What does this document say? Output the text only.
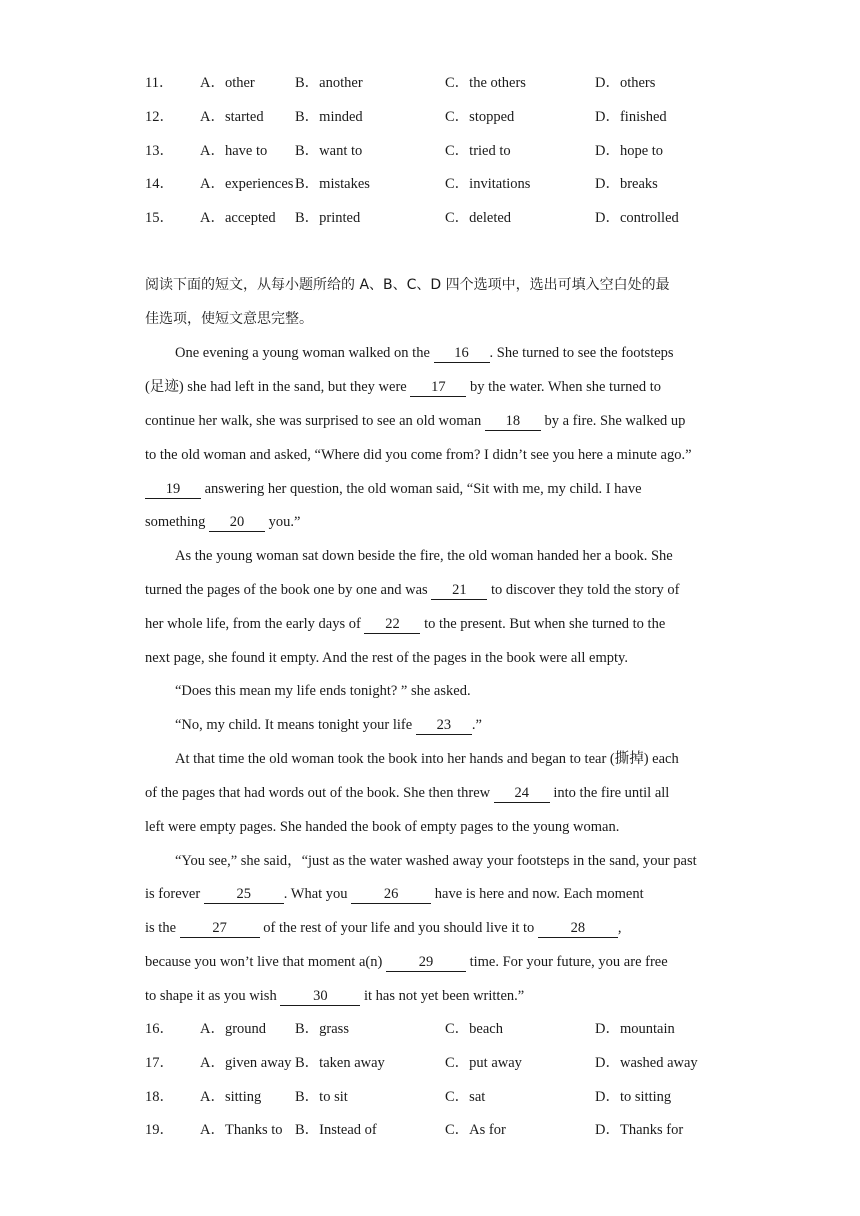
11． A．other	B．another	C．the others	D．others
12． A．started B．minded	C．stopped	D．finished
13． A．have to B．want to	C．tried to	D．hope to
14． A．experiences B．mistakes	C．invitations	D．breaks
15． A．accepted B．printed	C．deleted	D．controlled
阅读下面的短文，从每小题所给的 A、B、C、D 四个选项中，选出可填入空白处的最
佳选项，使短文意思完整。
One evening a young woman walked on the 16 . She turned to see the footsteps
(足迹) she had left in the sand, but they were 17 by the water. When she turned to
continue her walk, she was surprised to see an old woman 18 by a fire. She walked up
to the old woman and asked, “Where did you come from? I didn’t see you here a minute ago.”
19 answering her question, the old woman said, “Sit with me, my child. I have
something 20 you.”
As the young woman sat down beside the fire, the old woman handed her a book. She
turned the pages of the book one by one and was 21 to discover they told the story of
her whole life, from the early days of 22 to the present. But when she turned to the
next page, she found it empty. And the rest of the pages in the book were all empty.
“Does this mean my life ends tonight? ” she asked.
“No, my child. It means tonight your life 23 .”
At that time the old woman took the book into her hands and began to tear (撕掉) each
of the pages that had words out of the book. She then threw 24 into the fire until all
left were empty pages. She handed the book of empty pages to the young woman.
“You see,” she said，“just as the water washed away your footsteps in the sand, your past
is forever 25 . What you 26 have is here and now. Each moment
is the 27 of the rest of your life and you should live it to 28 ,
because you won’t live that moment a(n) 29 time. For your future, you are free
to shape it as you wish 30 it has not yet been written.”
16． A．ground B．grass	C．beach	D．mountain
17． A．given away B．taken away	C．put away	D．washed away
18． A．sitting B．to sit	C．sat	D．to sitting
19． A．Thanks to B．Instead of	C．As for	D．Thanks for
